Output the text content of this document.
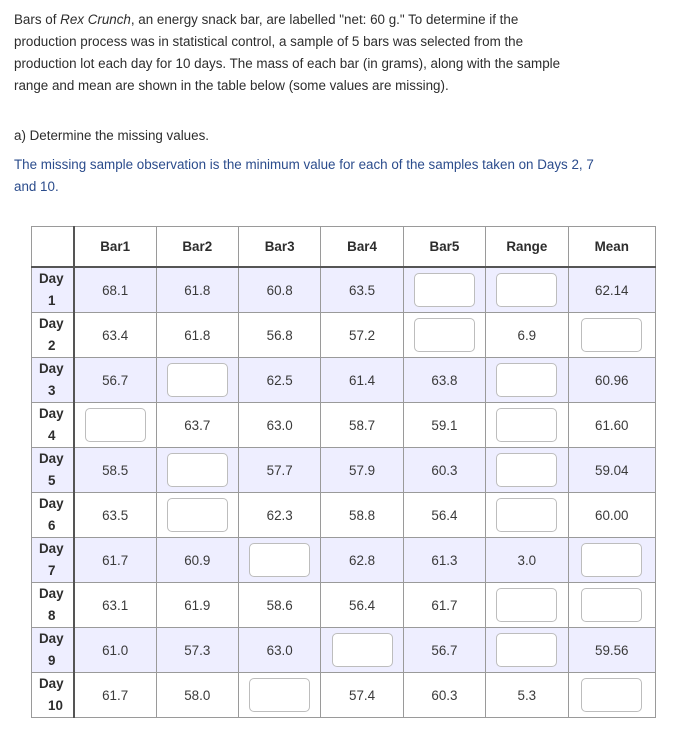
Bars of Rex Crunch, an energy snack bar, are labelled "net: 60 g." To determine if the production process was in statistical control, a sample of 5 bars was selected from the production lot each day for 10 days. The mass of each bar (in grams), along with the sample range and mean are shown in the table below (some values are missing).

a) Determine the missing values.

The missing sample observation is the minimum value for each of the samples taken on Days 2, 7 and 10.

	Bar1	Bar2	Bar3	Bar4	Bar5	Range	Mean
Day
1	68.1	61.8	60.8	63.5			62.14
Day
2	63.4	61.8	56.8	57.2		6.9	
Day
3	56.7		62.5	61.4	63.8		60.96
Day
4		63.7	63.0	58.7	59.1		61.60
Day
5	58.5		57.7	57.9	60.3		59.04
Day
6	63.5		62.3	58.8	56.4		60.00
Day
7	61.7	60.9		62.8	61.3	3.0	
Day
8	63.1	61.9	58.6	56.4	61.7		
Day
9	61.0	57.3	63.0		56.7		59.56
Day
10	61.7	58.0		57.4	60.3	5.3	
